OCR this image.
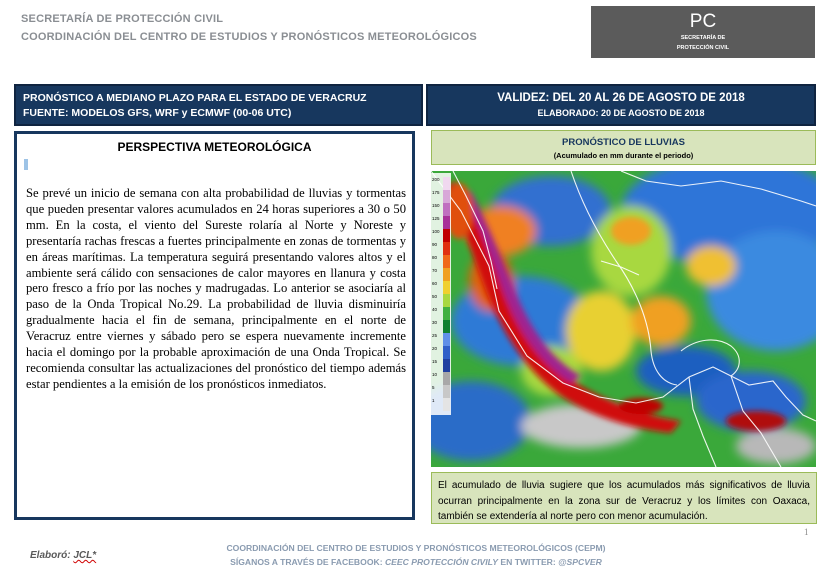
SECRETARÍA DE PROTECCIÓN CIVIL
COORDINACIÓN DEL CENTRO DE ESTUDIOS Y PRONÓSTICOS METEOROLÓGICOS
PC
SECRETARÍA DE
PROTECCIÓN CIVIL
PRONÓSTICO A MEDIANO PLAZO PARA EL ESTADO DE VERACRUZ
FUENTE: MODELOS GFS, WRF y ECMWF (00-06 UTC)
VALIDEZ: DEL 20 AL 26 DE AGOSTO DE 2018
ELABORADO: 20 DE AGOSTO DE 2018
PERSPECTIVA METEOROLÓGICA
Se prevé un inicio de semana con alta probabilidad de lluvias y tormentas que pueden presentar valores acumulados en 24 horas superiores a 30 o 50 mm. En la costa, el viento del Sureste rolaría al Norte y Noreste y presentaría rachas frescas a fuertes principalmente en zonas de tormentas y en áreas marítimas. La temperatura seguirá presentando valores altos y el ambiente será cálido con sensaciones de calor mayores en llanura y costa pero fresco a frío por las noches y madrugadas. Lo anterior se asociaría al paso de la Onda Tropical No.29. La probabilidad de lluvia disminuiría gradualmente hacia el fin de semana, principalmente en el norte de Veracruz entre viernes y sábado pero se espera nuevamente incremente hacia el domingo por la probable aproximación de una Onda Tropical. Se recomienda consultar las actualizaciones del pronóstico del tiempo además estar pendientes a la emisión de los pronósticos inmediatos.
PRONÓSTICO DE LLUVIAS
(Acumulado en mm durante el periodo)
200
175
150
125
100
90
80
70
60
50
40
30
25
20
15
10
5
1
El acumulado de lluvia sugiere que los acumulados más significativos de lluvia ocurran principalmente en la zona sur de Veracruz y los límites con Oaxaca, también se extendería al norte pero con menor acumulación.
1
Elaboró: JCL*
COORDINACIÓN DEL CENTRO DE ESTUDIOS Y PRONÓSTICOS METEOROLÓGICOS (CEPM)
SÍGANOS A TRAVÉS DE FACEBOOK: CEEC PROTECCIÓN CIVILY EN TWITTER: @SPCVER
